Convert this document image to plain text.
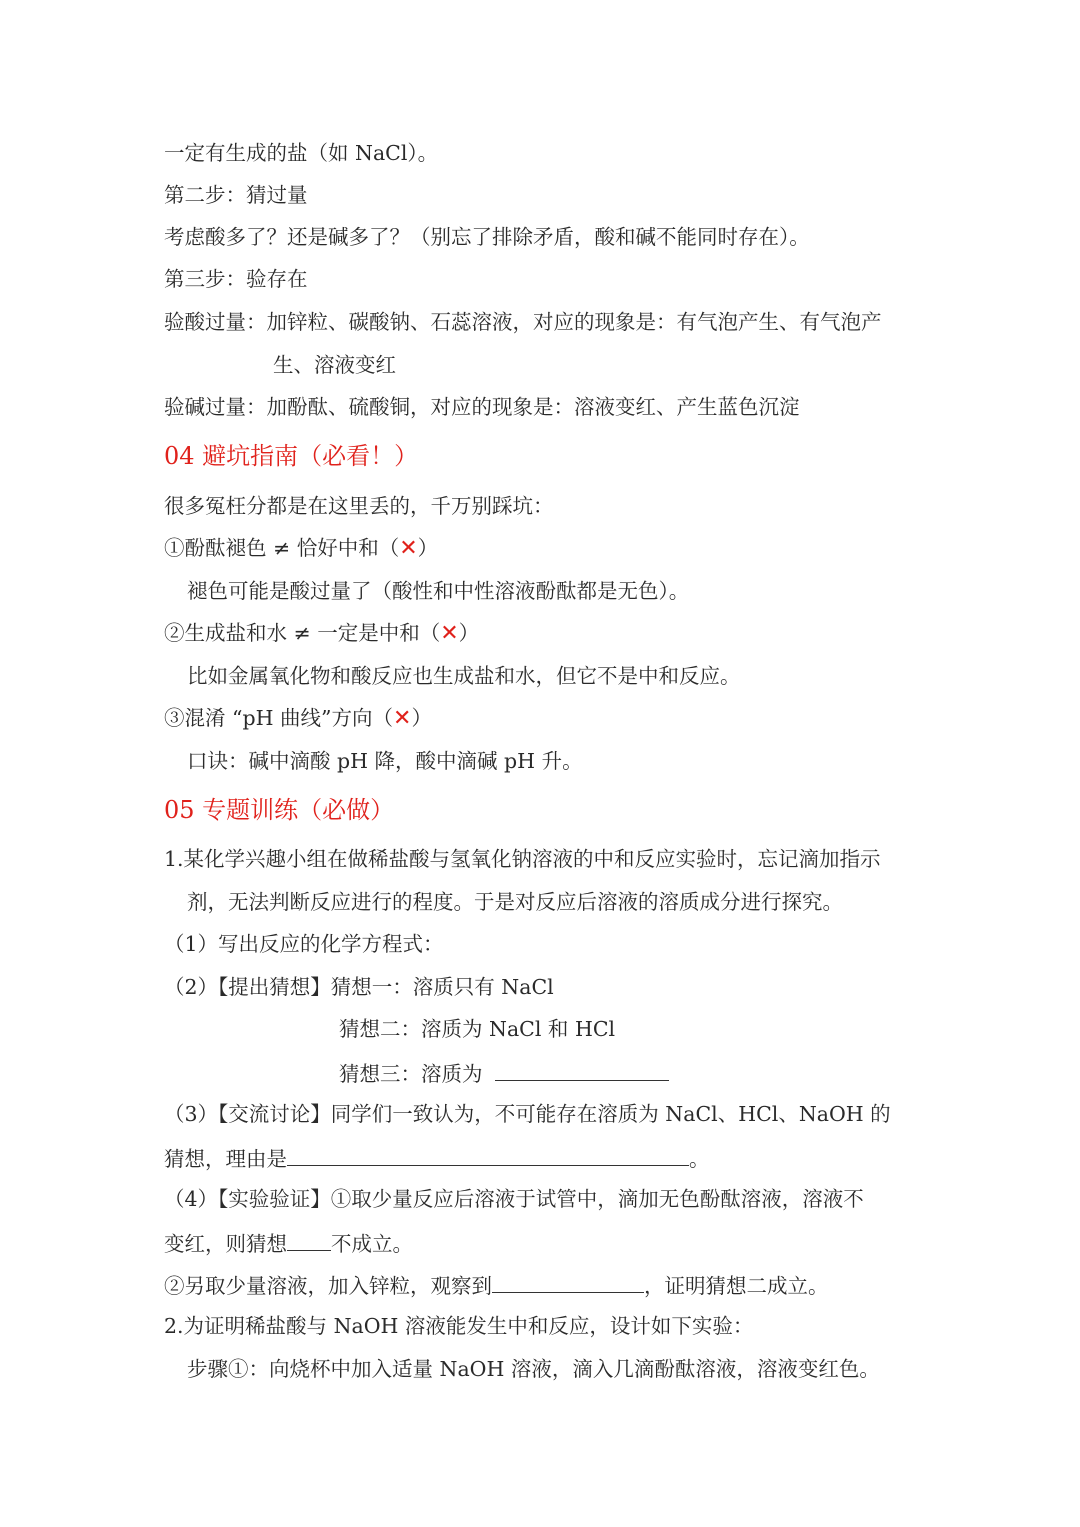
一定有生成的盐（如 NaCl）。
第二步：猜过量
考虑酸多了？还是碱多了？（别忘了排除矛盾，酸和碱不能同时存在）。
第三步：验存在
验酸过量：加锌粒、碳酸钠、石蕊溶液，对应的现象是：有气泡产生、有气泡产
生、溶液变红
验碱过量：加酚酞、硫酸铜，对应的现象是：溶液变红、产生蓝色沉淀
04 避坑指南（必看！）
很多冤枉分都是在这里丢的，千万别踩坑：
①酚酞褪色 ≠ 恰好中和（✕）
褪色可能是酸过量了（酸性和中性溶液酚酞都是无色）。
②生成盐和水 ≠ 一定是中和（✕）
比如金属氧化物和酸反应也生成盐和水，但它不是中和反应。
③混淆 “pH 曲线”方向（✕）
口诀：碱中滴酸 pH 降，酸中滴碱 pH 升。
05 专题训练（必做）
1.某化学兴趣小组在做稀盐酸与氢氧化钠溶液的中和反应实验时，忘记滴加指示
剂，无法判断反应进行的程度。于是对反应后溶液的溶质成分进行探究。
（1）写出反应的化学方程式：
（2）【提出猜想】猜想一：溶质只有 NaCl
猜想二：溶质为 NaCl 和 HCl
猜想三：溶质为
（3）【交流讨论】同学们一致认为，不可能存在溶质为 NaCl、HCl、NaOH 的
猜想，理由是	。
（4）【实验验证】①取少量反应后溶液于试管中，滴加无色酚酞溶液，溶液不
变红，则猜想 不成立。
②另取少量溶液，加入锌粒，观察到	，证明猜想二成立。
2.为证明稀盐酸与 NaOH 溶液能发生中和反应，设计如下实验：
步骤①：向烧杯中加入适量 NaOH 溶液，滴入几滴酚酞溶液，溶液变红色。
